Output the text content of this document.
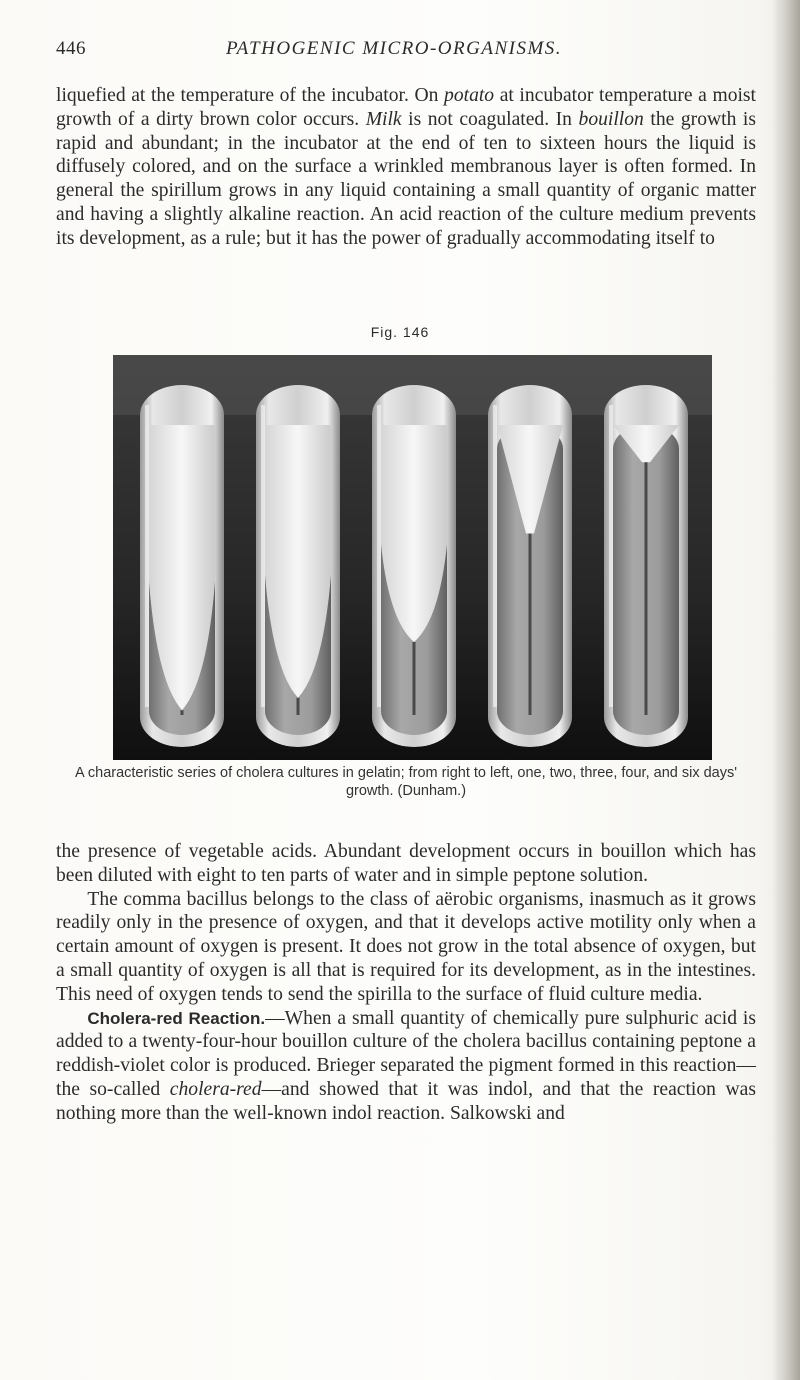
446	PATHOGENIC MICRO-ORGANISMS.

liquefied at the temperature of the incubator. On potato at incubator temperature a moist growth of a dirty brown color occurs. Milk is not coagulated. In bouillon the growth is rapid and abundant; in the incubator at the end of ten to sixteen hours the liquid is diffusely colored, and on the surface a wrinkled membranous layer is often formed. In general the spirillum grows in any liquid containing a small quantity of organic matter and having a slightly alkaline reaction. An acid reaction of the culture medium prevents its development, as a rule; but it has the power of gradually accommodating itself to

Fig. 146
A characteristic series of cholera cultures in gelatin; from right to left, one, two, three, four, and six days' growth. (Dunham.)

the presence of vegetable acids. Abundant development occurs in bouillon which has been diluted with eight to ten parts of water and in simple peptone solution.

The comma bacillus belongs to the class of aërobic organisms, inasmuch as it grows readily only in the presence of oxygen, and that it develops active motility only when a certain amount of oxygen is present. It does not grow in the total absence of oxygen, but a small quantity of oxygen is all that is required for its development, as in the intestines. This need of oxygen tends to send the spirilla to the surface of fluid culture media.

Cholera-red Reaction.—When a small quantity of chemically pure sulphuric acid is added to a twenty-four-hour bouillon culture of the cholera bacillus containing peptone a reddish-violet color is produced. Brieger separated the pigment formed in this reaction—the so-called cholera-red—and showed that it was indol, and that the reaction was nothing more than the well-known indol reaction. Salkowski and
